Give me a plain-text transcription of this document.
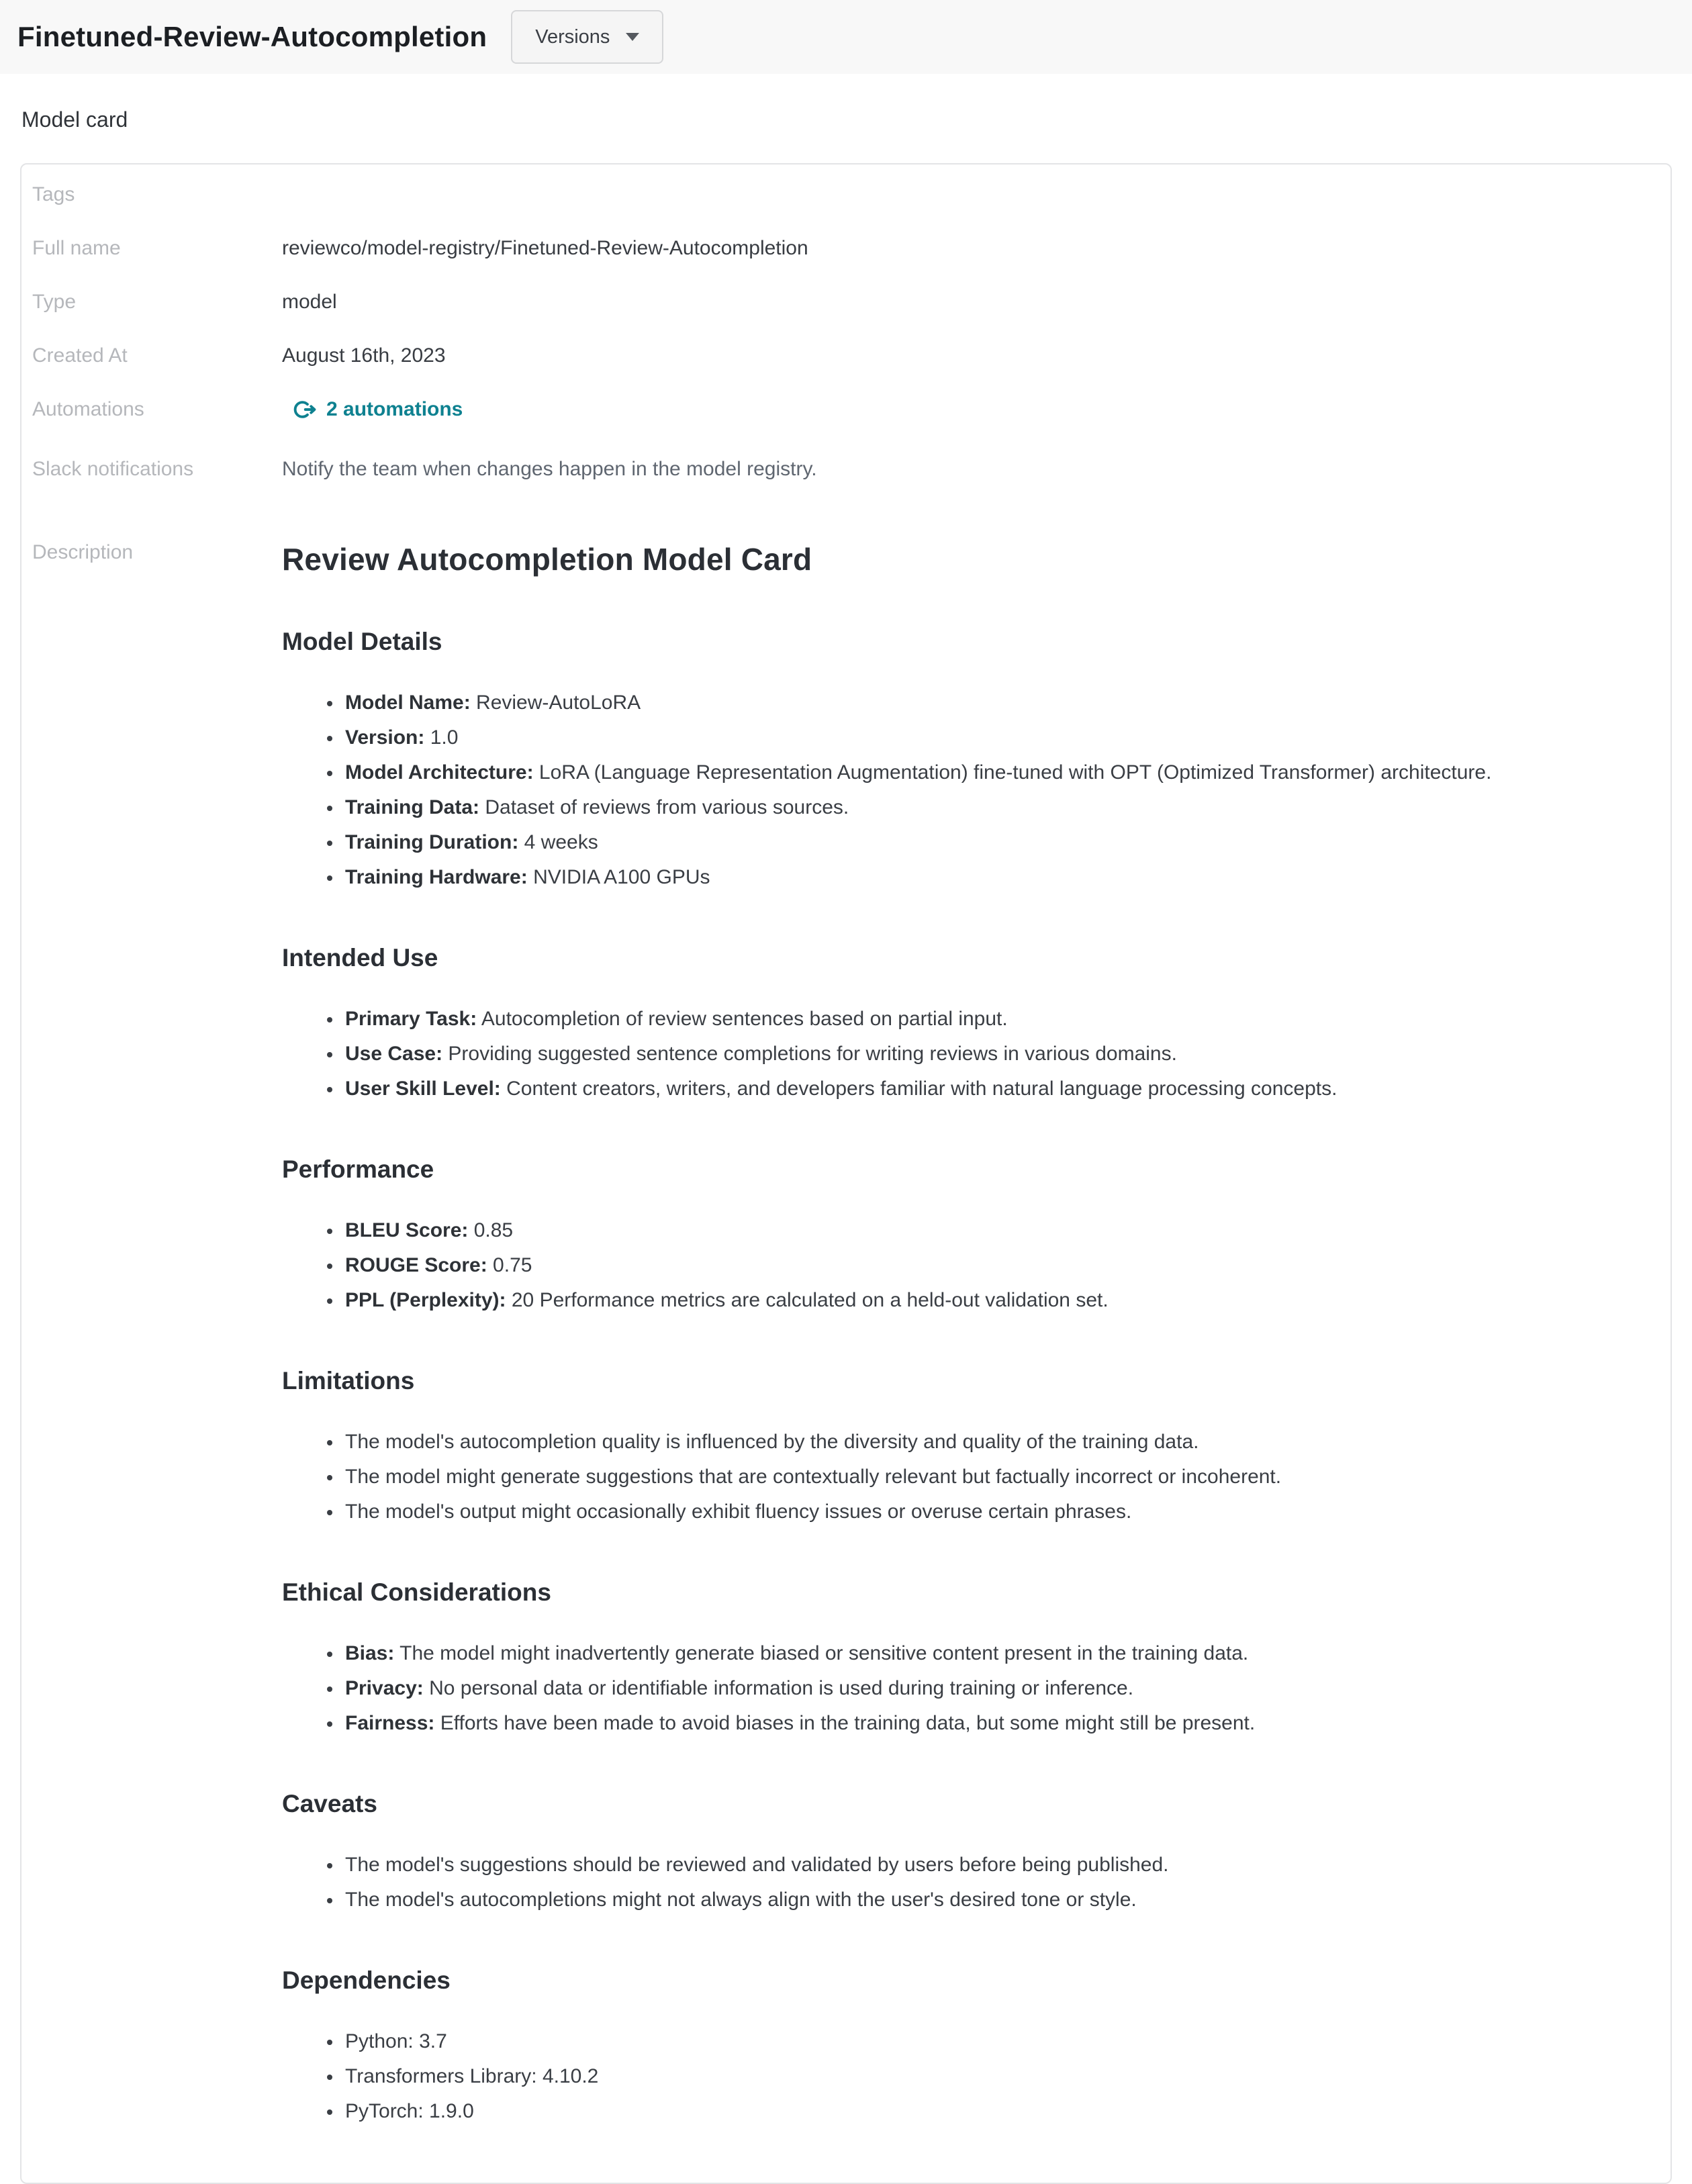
Finetuned-Review-Autocompletion Versions
Model card
Tags
Full name	reviewco/model-registry/Finetuned-Review-Autocompletion
Type	model
Created At	August 16th, 2023
Automations	2 automations
Slack notifications	Notify the team when changes happen in the model registry.
Description	Review Autocompletion Model Card
Model Details
• Model Name: Review-AutoLoRA
• Version: 1.0
• Model Architecture: LoRA (Language Representation Augmentation) fine-tuned with OPT (Optimized Transformer) architecture.
• Training Data: Dataset of reviews from various sources.
• Training Duration: 4 weeks
• Training Hardware: NVIDIA A100 GPUs
Intended Use
• Primary Task: Autocompletion of review sentences based on partial input.
• Use Case: Providing suggested sentence completions for writing reviews in various domains.
• User Skill Level: Content creators, writers, and developers familiar with natural language processing concepts.
Performance
• BLEU Score: 0.85
• ROUGE Score: 0.75
• PPL (Perplexity): 20 Performance metrics are calculated on a held-out validation set.
Limitations
• The model's autocompletion quality is influenced by the diversity and quality of the training data.
• The model might generate suggestions that are contextually relevant but factually incorrect or incoherent.
• The model's output might occasionally exhibit fluency issues or overuse certain phrases.
Ethical Considerations
• Bias: The model might inadvertently generate biased or sensitive content present in the training data.
• Privacy: No personal data or identifiable information is used during training or inference.
• Fairness: Efforts have been made to avoid biases in the training data, but some might still be present.
Caveats
• The model's suggestions should be reviewed and validated by users before being published.
• The model's autocompletions might not always align with the user's desired tone or style.
Dependencies
• Python: 3.7
• Transformers Library: 4.10.2
• PyTorch: 1.9.0
